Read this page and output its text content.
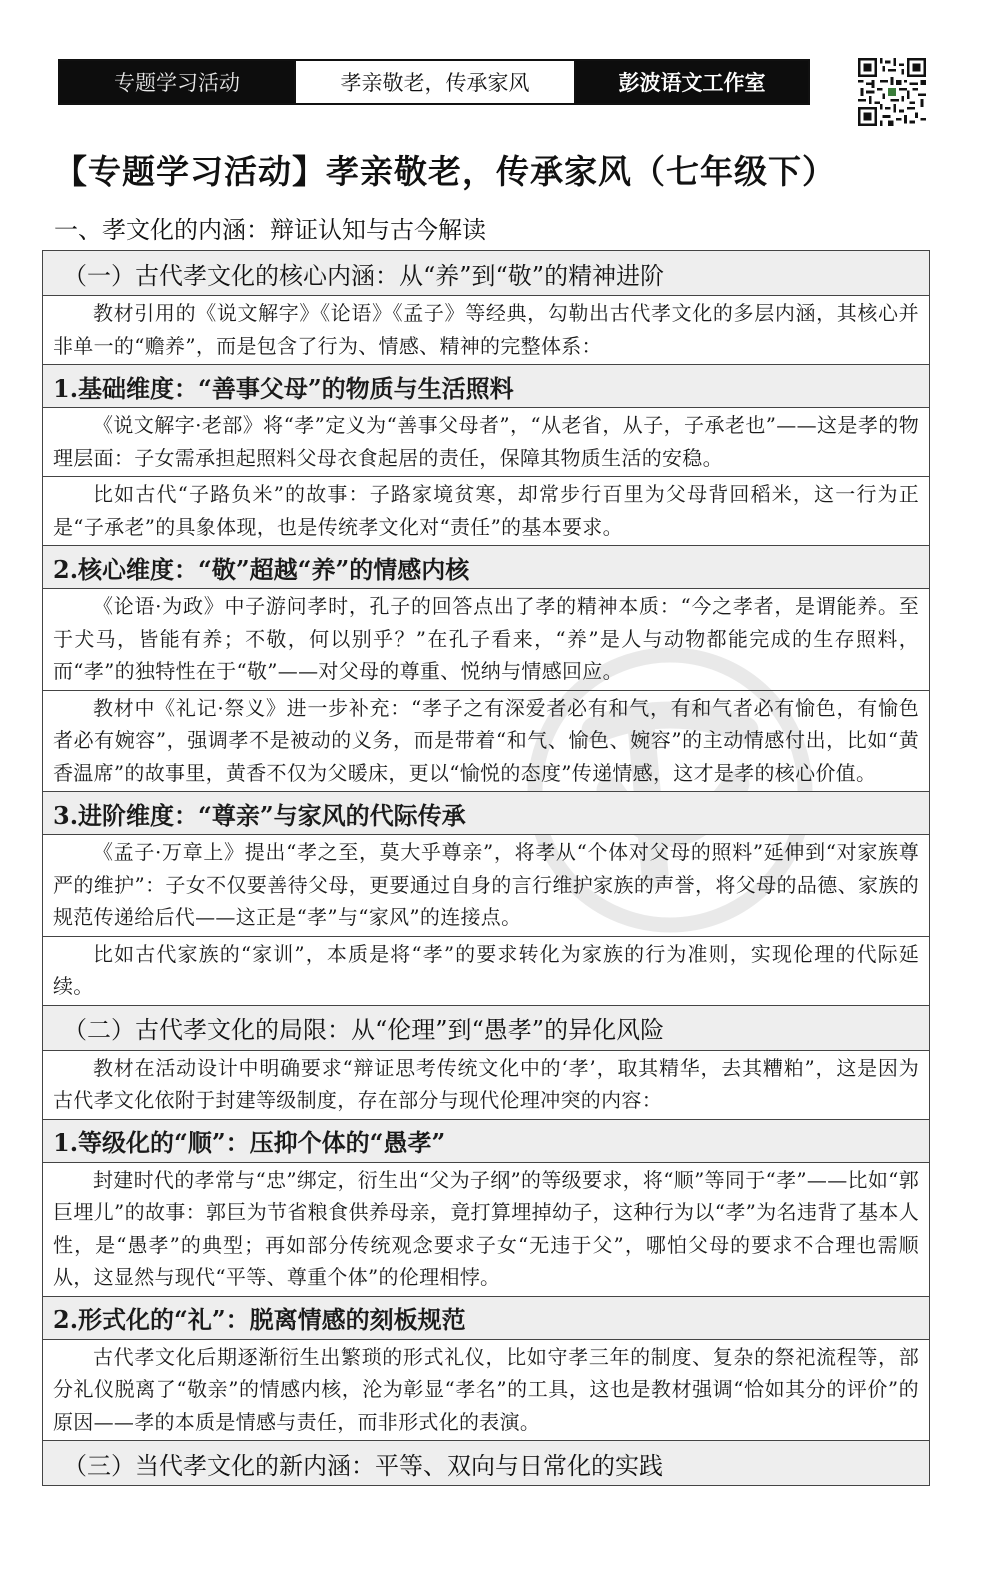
专题学习活动	孝亲敬老，传承家风	彭波语文工作室
【专题学习活动】孝亲敬老，传承家风（七年级下）
一、孝文化的内涵：辩证认知与古今解读
（一）古代孝文化的核心内涵：从“养”到“敬”的精神进阶
教材引用的《说文解字》《论语》《孟子》等经典，勾勒出古代孝文化的多层内涵，其核心并非单一的“赡养”，而是包含了行为、情感、精神的完整体系：
1.基础维度：“善事父母”的物质与生活照料
《说文解字·老部》将“孝”定义为“善事父母者”，“从老省，从子，子承老也”——这是孝的物理层面：子女需承担起照料父母衣食起居的责任，保障其物质生活的安稳。
比如古代“子路负米”的故事：子路家境贫寒，却常步行百里为父母背回稻米，这一行为正是“子承老”的具象体现，也是传统孝文化对“责任”的基本要求。
2.核心维度：“敬”超越“养”的情感内核
《论语·为政》中子游问孝时，孔子的回答点出了孝的精神本质：“今之孝者，是谓能养。至于犬马，皆能有养；不敬，何以别乎？”在孔子看来，“养”是人与动物都能完成的生存照料，而“孝”的独特性在于“敬”——对父母的尊重、悦纳与情感回应。
教材中《礼记·祭义》进一步补充：“孝子之有深爱者必有和气，有和气者必有愉色，有愉色者必有婉容”，强调孝不是被动的义务，而是带着“和气、愉色、婉容”的主动情感付出，比如“黄香温席”的故事里，黄香不仅为父暖床，更以“愉悦的态度”传递情感，这才是孝的核心价值。
3.进阶维度：“尊亲”与家风的代际传承
《孟子·万章上》提出“孝之至，莫大乎尊亲”，将孝从“个体对父母的照料”延伸到“对家族尊严的维护”：子女不仅要善待父母，更要通过自身的言行维护家族的声誉，将父母的品德、家族的规范传递给后代——这正是“孝”与“家风”的连接点。
比如古代家族的“家训”，本质是将“孝”的要求转化为家族的行为准则，实现伦理的代际延续。
（二）古代孝文化的局限：从“伦理”到“愚孝”的异化风险
教材在活动设计中明确要求“辩证思考传统文化中的‘孝’，取其精华，去其糟粕”，这是因为古代孝文化依附于封建等级制度，存在部分与现代伦理冲突的内容：
1.等级化的“顺”：压抑个体的“愚孝”
封建时代的孝常与“忠”绑定，衍生出“父为子纲”的等级要求，将“顺”等同于“孝”——比如“郭巨埋儿”的故事：郭巨为节省粮食供养母亲，竟打算埋掉幼子，这种行为以“孝”为名违背了基本人性，是“愚孝”的典型；再如部分传统观念要求子女“无违于父”，哪怕父母的要求不合理也需顺从，这显然与现代“平等、尊重个体”的伦理相悖。
2.形式化的“礼”：脱离情感的刻板规范
古代孝文化后期逐渐衍生出繁琐的形式礼仪，比如守孝三年的制度、复杂的祭祀流程等，部分礼仪脱离了“敬亲”的情感内核，沦为彰显“孝名”的工具，这也是教材强调“恰如其分的评价”的原因——孝的本质是情感与责任，而非形式化的表演。
（三）当代孝文化的新内涵：平等、双向与日常化的实践
